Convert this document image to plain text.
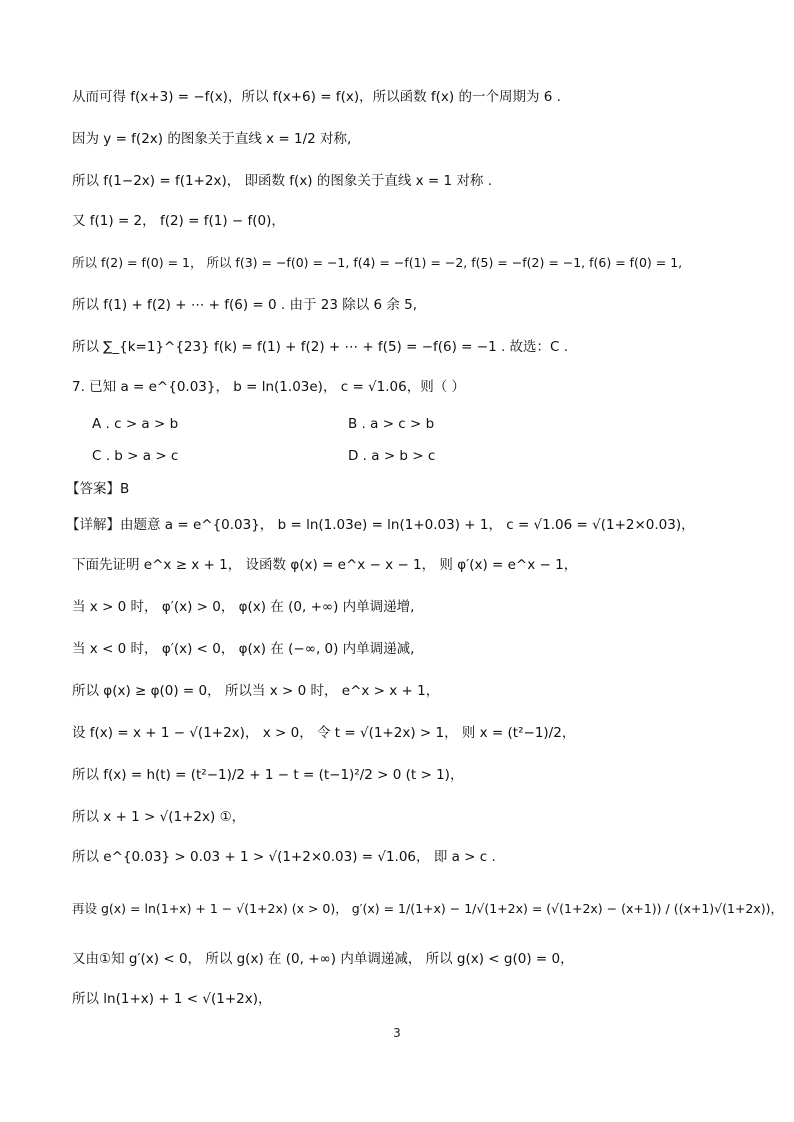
从而可得 f(x+3) = −f(x)，所以 f(x+6) = f(x)，所以函数 f(x) 的一个周期为 6 .
因为 y = f(2x) 的图象关于直线 x = 1/2 对称,
所以 f(1−2x) = f(1+2x)， 即函数 f(x) 的图象关于直线 x = 1 对称 .
又 f(1) = 2， f(2) = f(1) − f(0)，
所以 f(2) = f(0) = 1， 所以 f(3) = −f(0) = −1, f(4) = −f(1) = −2, f(5) = −f(2) = −1, f(6) = f(0) = 1,
所以 f(1) + f(2) + ⋯ + f(6) = 0 . 由于 23 除以 6 余 5,
所以 ∑_{k=1}^{23} f(k) = f(1) + f(2) + ⋯ + f(5) = −f(6) = −1 . 故选：C .
7. 已知 a = e^{0.03}， b = ln(1.03e)， c = √1.06，则（ ）
A . c > a > b	B . a > c > b
C . b > a > c	D . a > b > c
【答案】B
【详解】由题意 a = e^{0.03}， b = ln(1.03e) = ln(1+0.03) + 1， c = √1.06 = √(1+2×0.03)，
下面先证明 e^x ≥ x + 1， 设函数 φ(x) = e^x − x − 1， 则 φ′(x) = e^x − 1，
当 x > 0 时， φ′(x) > 0， φ(x) 在 (0, +∞) 内单调递增,
当 x < 0 时， φ′(x) < 0， φ(x) 在 (−∞, 0) 内单调递减,
所以 φ(x) ≥ φ(0) = 0， 所以当 x > 0 时， e^x > x + 1，
设 f(x) = x + 1 − √(1+2x)， x > 0， 令 t = √(1+2x) > 1， 则 x = (t²−1)/2，
所以 f(x) = h(t) = (t²−1)/2 + 1 − t = (t−1)²/2 > 0 (t > 1)，
所以 x + 1 > √(1+2x) ①，
所以 e^{0.03} > 0.03 + 1 > √(1+2×0.03) = √1.06， 即 a > c .
再设 g(x) = ln(1+x) + 1 − √(1+2x) (x > 0)， g′(x) = 1/(1+x) − 1/√(1+2x) = (√(1+2x) − (x+1)) / ((x+1)√(1+2x))，
又由①知 g′(x) < 0， 所以 g(x) 在 (0, +∞) 内单调递减， 所以 g(x) < g(0) = 0，
所以 ln(1+x) + 1 < √(1+2x)，
3
